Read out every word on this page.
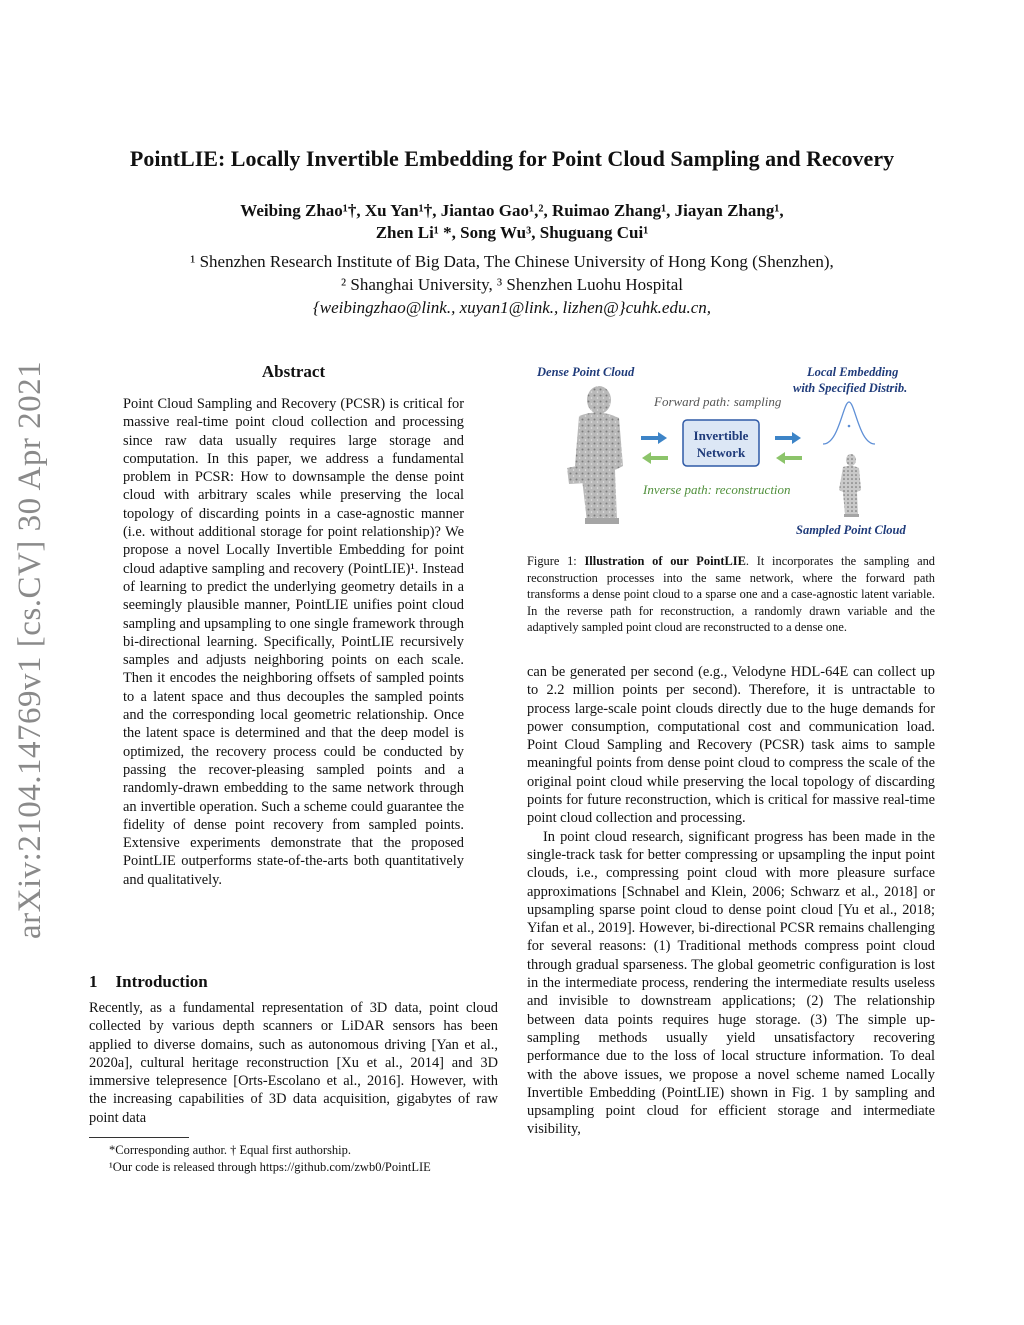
arXiv:2104.14769v1 [cs.CV] 30 Apr 2021
PointLIE: Locally Invertible Embedding for Point Cloud Sampling and Recovery
Weibing Zhao¹†, Xu Yan¹†, Jiantao Gao¹,², Ruimao Zhang¹, Jiayan Zhang¹,
Zhen Li¹ *, Song Wu³, Shuguang Cui¹
¹ Shenzhen Research Institute of Big Data, The Chinese University of Hong Kong (Shenzhen),
² Shanghai University, ³ Shenzhen Luohu Hospital
{weibingzhao@link., xuyan1@link., lizhen@}cuhk.edu.cn,
Abstract

Point Cloud Sampling and Recovery (PCSR) is critical for massive real-time point cloud collection and processing since raw data usually requires large storage and computation. In this paper, we address a fundamental problem in PCSR: How to downsample the dense point cloud with arbitrary scales while preserving the local topology of discarding points in a case-agnostic manner (i.e. without additional storage for point relationship)? We propose a novel Locally Invertible Embedding for point cloud adaptive sampling and recovery (PointLIE)¹. Instead of learning to predict the underlying geometry details in a seemingly plausible manner, PointLIE unifies point cloud sampling and upsampling to one single framework through bi-directional learning. Specifically, PointLIE recursively samples and adjusts neighboring points on each scale. Then it encodes the neighboring offsets of sampled points to a latent space and thus decouples the sampled points and the corresponding local geometric relationship. Once the latent space is determined and that the deep model is optimized, the recovery process could be conducted by passing the recover-pleasing sampled points and a randomly-drawn embedding to the same network through an invertible operation. Such a scheme could guarantee the fidelity of dense point recovery from sampled points. Extensive experiments demonstrate that the proposed PointLIE outperforms state-of-the-arts both quantitatively and qualitatively.

1 Introduction

Recently, as a fundamental representation of 3D data, point cloud collected by various depth scanners or LiDAR sensors has been applied to diverse domains, such as autonomous driving [Yan et al., 2020a], cultural heritage reconstruction [Xu et al., 2014] and 3D immersive telepresence [Orts-Escolano et al., 2016]. However, with the increasing capabilities of 3D data acquisition, gigabytes of raw point data

*Corresponding author. † Equal first authorship.
¹Our code is released through https://github.com/zwb0/PointLIE
Dense Point Cloud	Local Embedding
with Specified Distrib.
Forward path: sampling
Inverse path: reconstruction
Sampled Point Cloud
Invertible
Network

Figure 1: Illustration of our PointLIE. It incorporates the sampling and reconstruction processes into the same network, where the forward path transforms a dense point cloud to a sparse one and a case-agnostic latent variable. In the reverse path for reconstruction, a randomly drawn variable and the adaptively sampled point cloud are reconstructed to a dense one.

can be generated per second (e.g., Velodyne HDL-64E can collect up to 2.2 million points per second). Therefore, it is untractable to process large-scale point clouds directly due to the huge demands for power consumption, computational cost and communication load. Point Cloud Sampling and Recovery (PCSR) task aims to sample meaningful points from dense point cloud to compress the scale of the original point cloud while preserving the local topology of discarding points for future reconstruction, which is critical for massive real-time point cloud collection and processing.

In point cloud research, significant progress has been made in the single-track task for better compressing or upsampling the input point clouds, i.e., compressing point cloud with more pleasure surface approximations [Schnabel and Klein, 2006; Schwarz et al., 2018] or upsampling sparse point cloud to dense point cloud [Yu et al., 2018; Yifan et al., 2019]. However, bi-directional PCSR remains challenging for several reasons: (1) Traditional methods compress point cloud through gradual sparseness. The global geometric configuration is lost in the intermediate process, rendering the intermediate results useless and invisible to downstream applications; (2) The relationship between data points requires huge storage. (3) The simple up-sampling methods usually yield unsatisfactory recovering performance due to the loss of local structure information. To deal with the above issues, we propose a novel scheme named Locally Invertible Embedding (PointLIE) shown in Fig. 1 by sampling and upsampling point cloud for efficient storage and intermediate visibility,
